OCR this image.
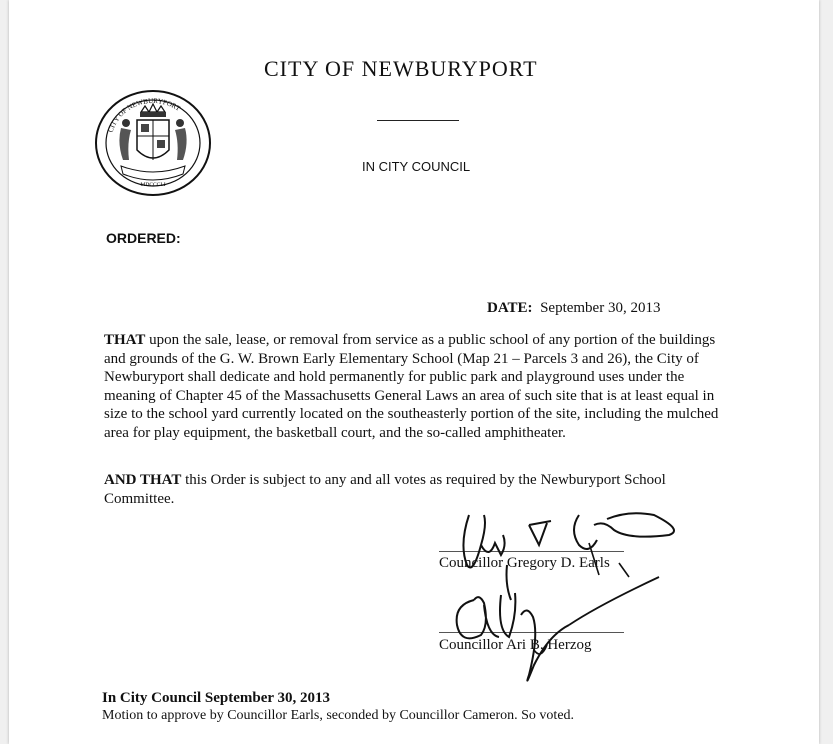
CITY OF NEWBURYPORT
MDCCCLI
CITY OF NEWBURYPORT
IN CITY COUNCIL
ORDERED:
DATE: September 30, 2013
THAT upon the sale, lease, or removal from service as a public school of any portion of the buildings and grounds of the G. W. Brown Early Elementary School (Map 21 – Parcels 3 and 26), the City of Newburyport shall dedicate and hold permanently for public park and playground uses under the meaning of Chapter 45 of the Massachusetts General Laws an area of such site that is at least equal in size to the school yard currently located on the southeasterly portion of the site, including the mulched area for play equipment, the basketball court, and the so-called amphitheater.
AND THAT this Order is subject to any and all votes as required by the Newburyport School Committee.
Councillor Gregory D. Earls
Councillor Ari B. Herzog
In City Council September 30, 2013
Motion to approve by Councillor Earls, seconded by Councillor Cameron. So voted.
